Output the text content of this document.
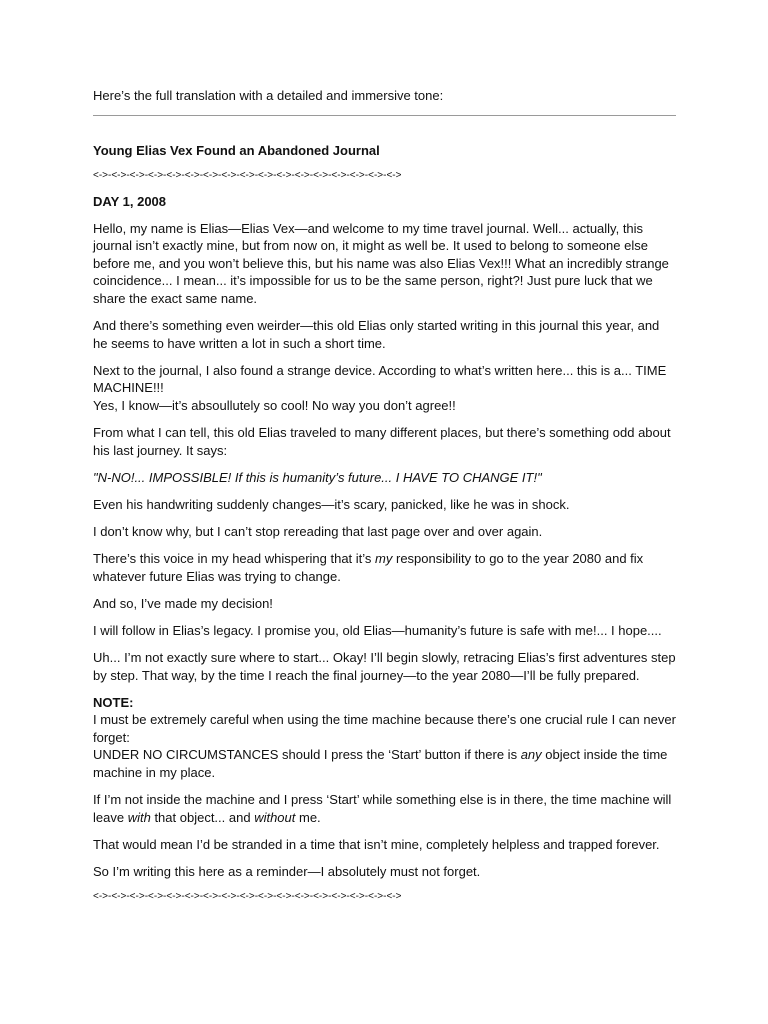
Here’s the full translation with a detailed and immersive tone:

Young Elias Vex Found an Abandoned Journal

<->-<->-<->-<->-<->-<->-<->-<->-<->-<->-<->-<->-<->-<->-<->-<->-<->

DAY 1, 2008

Hello, my name is Elias—Elias Vex—and welcome to my time travel journal. Well... actually, this journal isn’t exactly mine, but from now on, it might as well be. It used to belong to someone else before me, and you won’t believe this, but his name was also Elias Vex!!! What an incredibly strange coincidence... I mean... it’s impossible for us to be the same person, right?! Just pure luck that we share the exact same name.

And there’s something even weirder—this old Elias only started writing in this journal this year, and he seems to have written a lot in such a short time.

Next to the journal, I also found a strange device. According to what’s written here... this is a... TIME MACHINE!!!

Yes, I know—it’s absoullutely so cool! No way you don’t agree!!

From what I can tell, this old Elias traveled to many different places, but there’s something odd about his last journey. It says:

"N-NO!... IMPOSSIBLE! If this is humanity’s future... I HAVE TO CHANGE IT!"

Even his handwriting suddenly changes—it’s scary, panicked, like he was in shock.

I don’t know why, but I can’t stop rereading that last page over and over again.

There’s this voice in my head whispering that it’s my responsibility to go to the year 2080 and fix whatever future Elias was trying to change.

And so, I’ve made my decision!

I will follow in Elias’s legacy. I promise you, old Elias—humanity’s future is safe with me!... I hope....

Uh... I’m not exactly sure where to start... Okay! I’ll begin slowly, retracing Elias’s first adventures step by step. That way, by the time I reach the final journey—to the year 2080—I’ll be fully prepared.

NOTE:

I must be extremely careful when using the time machine because there’s one crucial rule I can never forget:

UNDER NO CIRCUMSTANCES should I press the ‘Start’ button if there is any object inside the time machine in my place.

If I’m not inside the machine and I press ‘Start’ while something else is in there, the time machine will leave with that object... and without me.

That would mean I’d be stranded in a time that isn’t mine, completely helpless and trapped forever.

So I’m writing this here as a reminder—I absolutely must not forget.

<->-<->-<->-<->-<->-<->-<->-<->-<->-<->-<->-<->-<->-<->-<->-<->-<->
